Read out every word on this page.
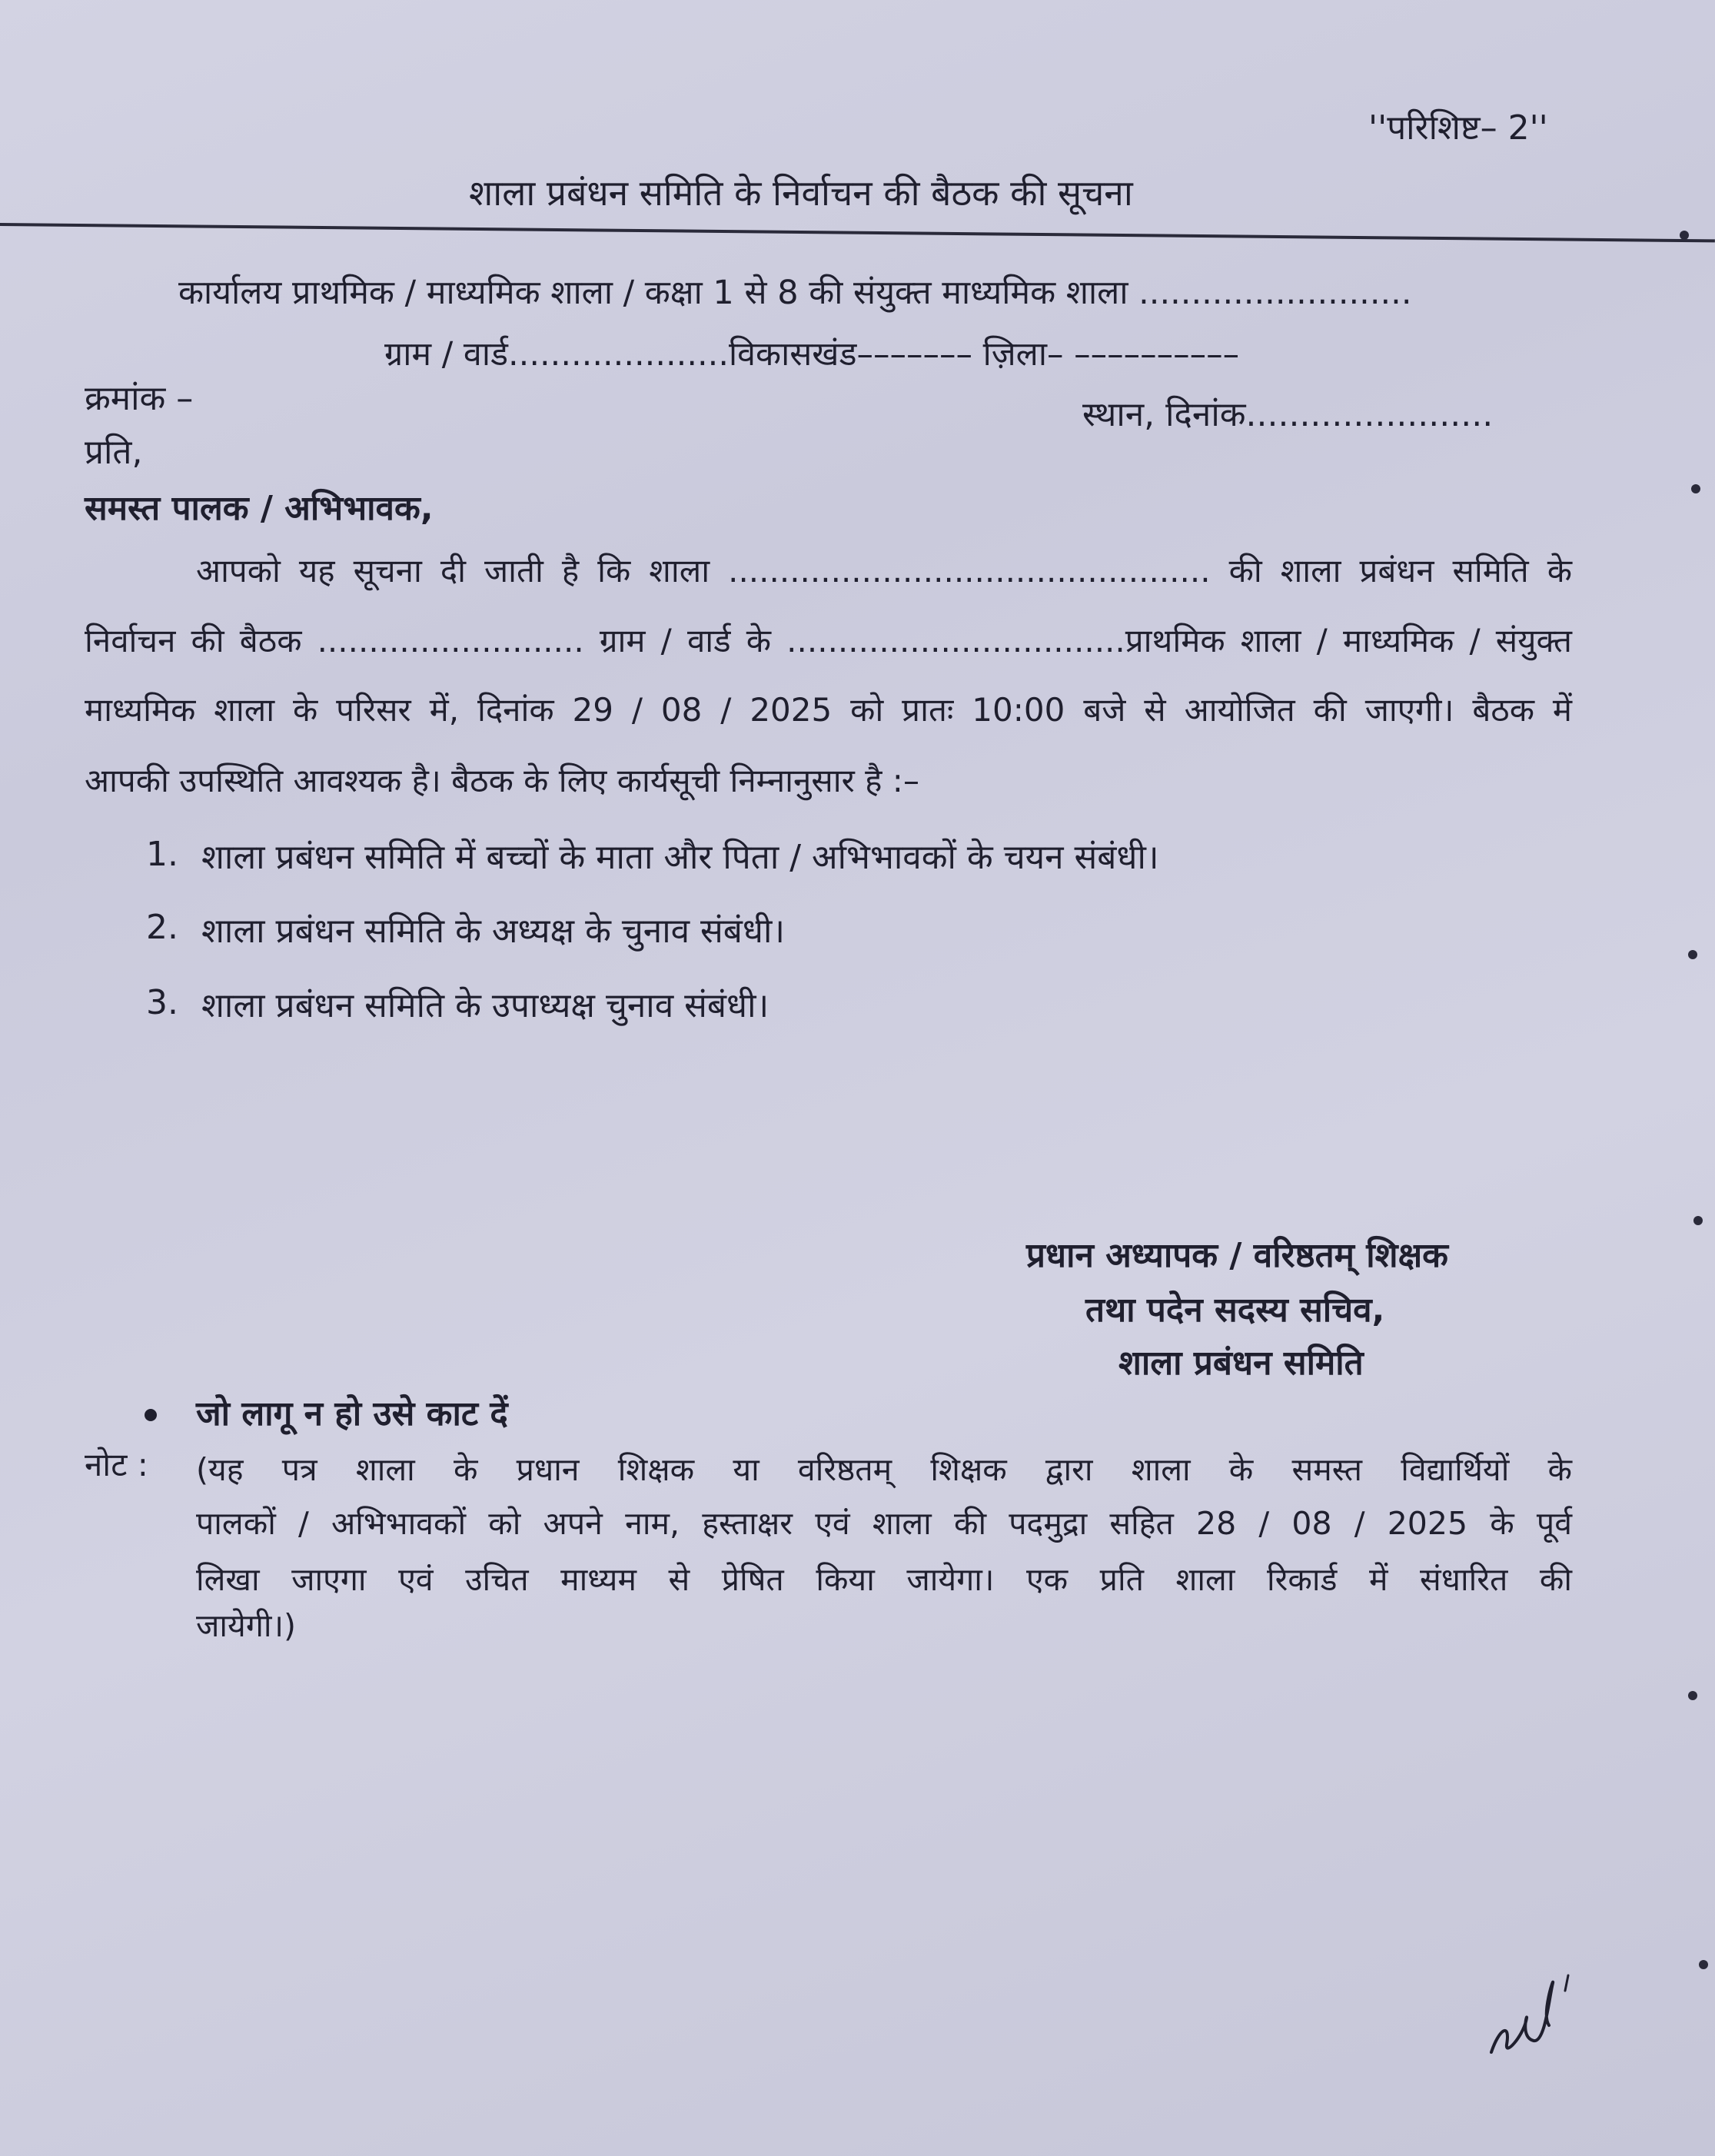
''परिशिष्ट– 2''
शाला प्रबंधन समिति के निर्वाचन की बैठक की सूचना
कार्यालय प्राथमिक / माध्यमिक शाला / कक्षा 1 से 8 की संयुक्त माध्यमिक शाला ..........................
ग्राम / वार्ड.....................विकासखंड––––––– ज़िला– ––––––––––
क्रमांक –	स्थान, दिनांक.......................
प्रति,
समस्त पालक / अभिभावक,
आपको यह सूचना दी जाती है कि शाला ............................................... की शाला प्रबंधन समिति के
निर्वाचन की बैठक .......................... ग्राम / वार्ड के .................................प्राथमिक शाला / माध्यमिक / संयुक्त
माध्यमिक शाला के परिसर में, दिनांक 29 / 08 / 2025 को प्रातः 10:00 बजे से आयोजित की जाएगी। बैठक में
आपकी उपस्थिति आवश्यक है। बैठक के लिए कार्यसूची निम्नानुसार है :–
1. शाला प्रबंधन समिति में बच्चों के माता और पिता / अभिभावकों के चयन संबंधी।
2. शाला प्रबंधन समिति के अध्यक्ष के चुनाव संबंधी।
3. शाला प्रबंधन समिति के उपाध्यक्ष चुनाव संबंधी।
प्रधान अध्यापक / वरिष्ठतम् शिक्षक
तथा पदेन सदस्य सचिव,
शाला प्रबंधन समिति
जो लागू न हो उसे काट दें
नोट : (यह पत्र शाला के प्रधान शिक्षक या वरिष्ठतम् शिक्षक द्वारा शाला के समस्त विद्यार्थियों के
पालकों / अभिभावकों को अपने नाम, हस्ताक्षर एवं शाला की पदमुद्रा सहित 28 / 08 / 2025 के पूर्व
लिखा जाएगा एवं उचित माध्यम से प्रेषित किया जायेगा। एक प्रति शाला रिकार्ड में संधारित की
जायेगी।)
